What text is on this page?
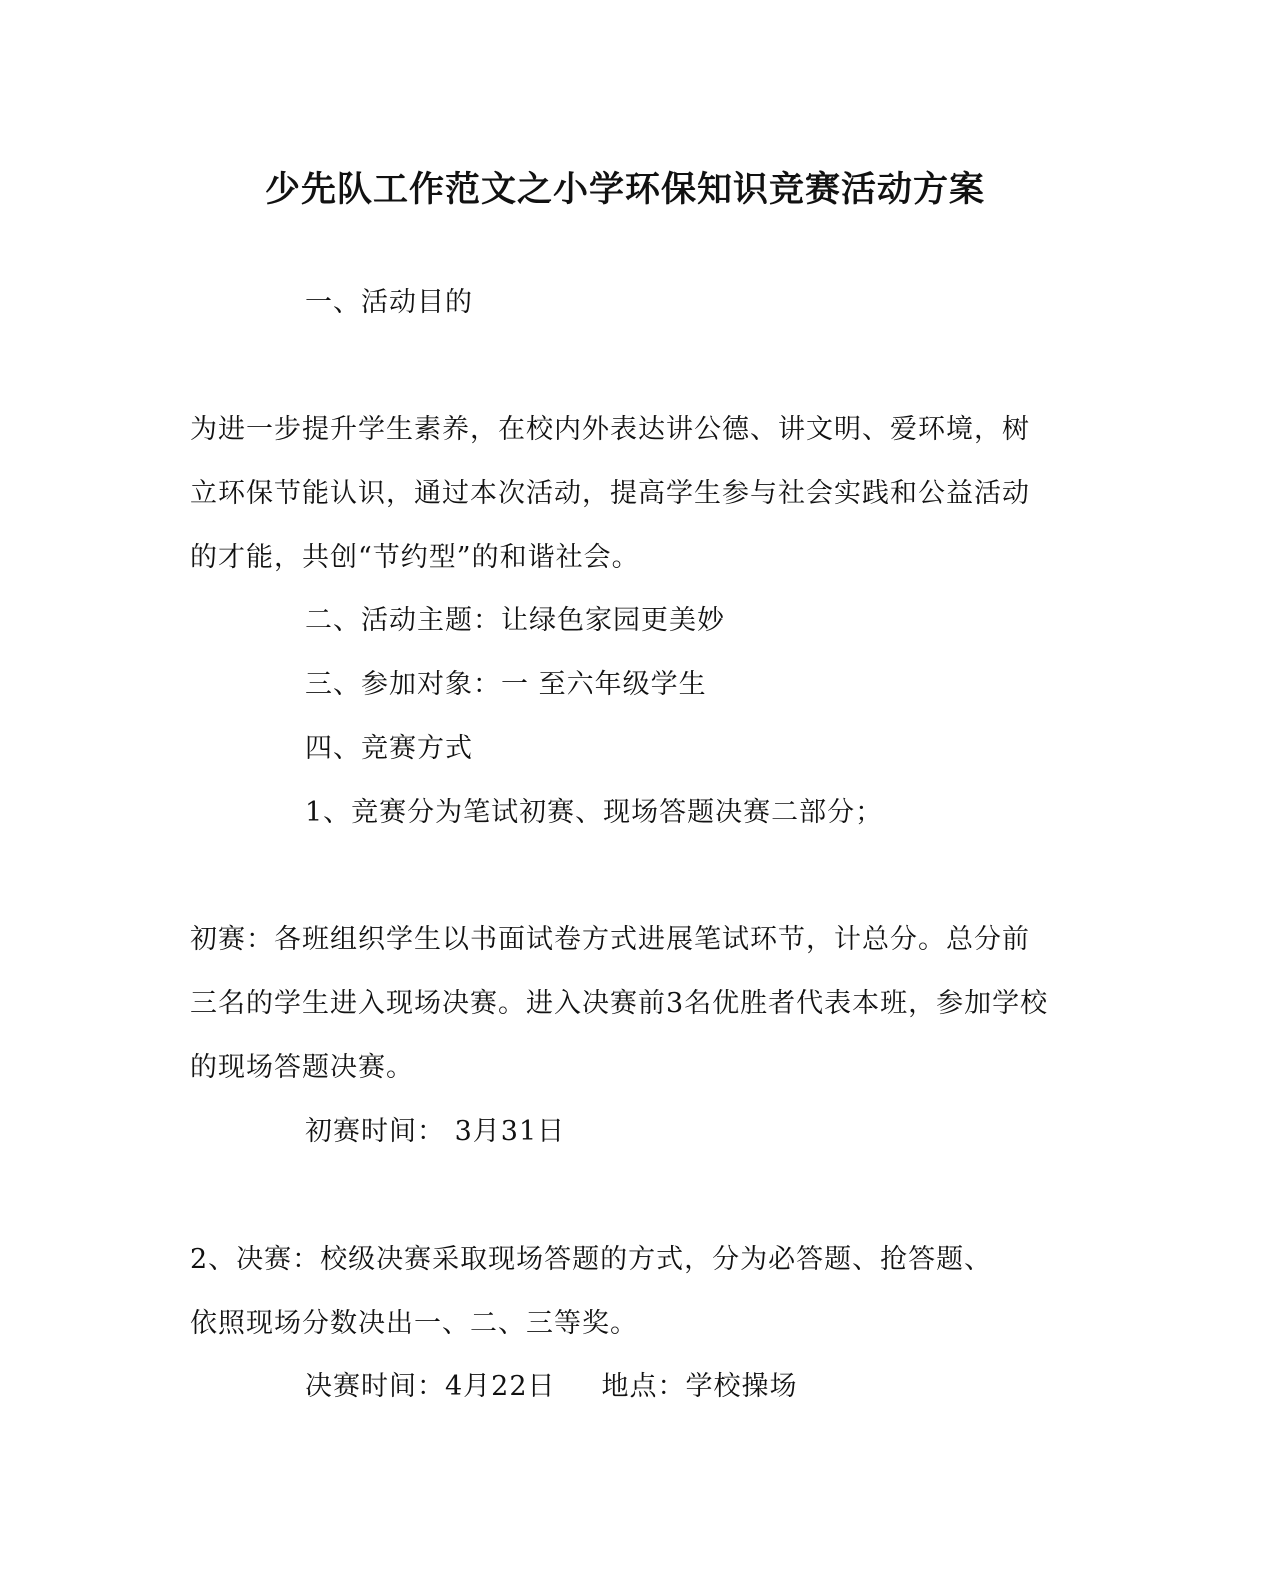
少先队工作范文之小学环保知识竞赛活动方案
一、活动目的
为进一步提升学生素养，在校内外表达讲公德、讲文明、爱环境，树
立环保节能认识，通过本次活动，提高学生参与社会实践和公益活动
的才能，共创“节约型”的和谐社会。
二、活动主题：让绿色家园更美妙
三、参加对象：一 至六年级学生
四、竞赛方式
1、竞赛分为笔试初赛、现场答题决赛二部分；
初赛：各班组织学生以书面试卷方式进展笔试环节，计总分。总分前
三名的学生进入现场决赛。进入决赛前3名优胜者代表本班，参加学校
的现场答题决赛。
初赛时间： 3月31日
2、决赛：校级决赛采取现场答题的方式，分为必答题、抢答题、
依照现场分数决出一、二、三等奖。
决赛时间：4月22日 地点：学校操场
